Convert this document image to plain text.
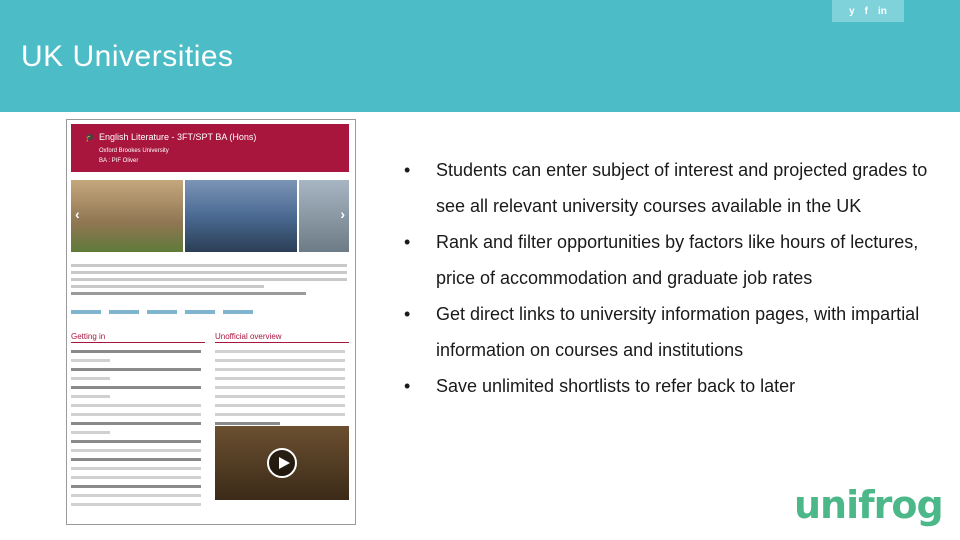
UK Universities
y f in
🎓 English Literature - 3FT/SPT BA (Hons)
Oxford Brookes University
BA : PIF Oliver
‹	›
Getting in	Unofficial overview
• Students can enter subject of interest and projected grades to see all relevant university courses available in the UK
• Rank and filter opportunities by factors like hours of lectures, price of accommodation and graduate job rates
• Get direct links to university information pages, with impartial information on courses and institutions
• Save unlimited shortlists to refer back to later
unifrog
